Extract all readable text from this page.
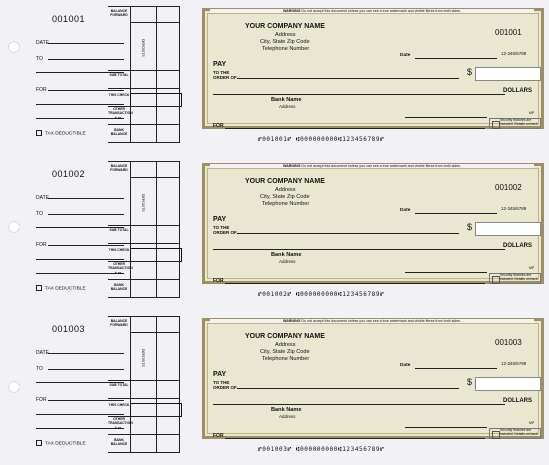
001001
DATE
TO
FOR
TAX DEDUCTIBLE
BALANCE FORWARD
DEPOSITS
SUB TOTAL
THIS CHECK
OTHER TRANSACTION
+ or -
BANK BALANCE
YOUR COMPANY NAME
Address
City, State Zip Code
Telephone Number
001001
12-345/6789
Date
PAY
TO THE
ORDER OF
$
DOLLARS
Bank Name
Address
MP
FOR
Security features are included. Details on back.
WARNING Do not accept this document unless you can see a true watermark and visible fibres from both sides.
⑈001001⑈ ⑆000000000⑆123456789⑈
001002
DATE
TO
FOR
TAX DEDUCTIBLE
BALANCE FORWARD
DEPOSITS
SUB TOTAL
THIS CHECK
OTHER TRANSACTION
+ or -
BANK BALANCE
YOUR COMPANY NAME
Address
City, State Zip Code
Telephone Number
001002
12-345/6789
Date
PAY
TO THE
ORDER OF
$
DOLLARS
Bank Name
Address
MP
FOR
Security features are included. Details on back.
WARNING Do not accept this document unless you can see a true watermark and visible fibres from both sides.
⑈001002⑈ ⑆000000000⑆123456789⑈
001003
DATE
TO
FOR
TAX DEDUCTIBLE
BALANCE FORWARD
DEPOSITS
SUB TOTAL
THIS CHECK
OTHER TRANSACTION
+ or -
BANK BALANCE
YOUR COMPANY NAME
Address
City, State Zip Code
Telephone Number
001003
12-345/6789
Date
PAY
TO THE
ORDER OF
$
DOLLARS
Bank Name
Address
MP
FOR
Security features are included. Details on back.
WARNING Do not accept this document unless you can see a true watermark and visible fibres from both sides.
⑈001003⑈ ⑆000000000⑆123456789⑈
